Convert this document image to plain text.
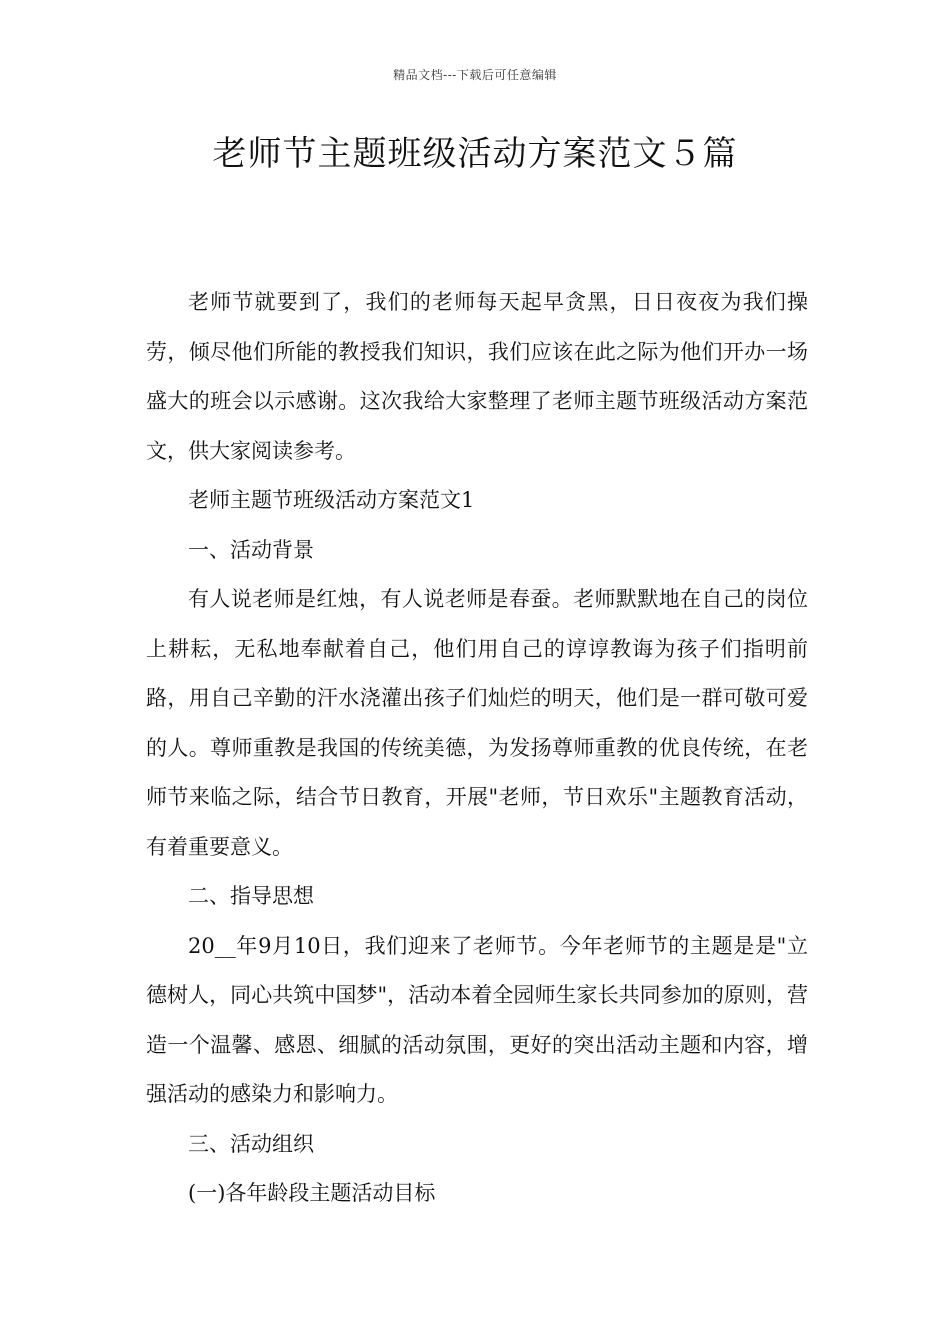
精品文档---下载后可任意编辑
老师节主题班级活动方案范文５篇

老师节就要到了，我们的老师每天起早贪黑，日日夜夜为我们操劳，倾尽他们所能的教授我们知识，我们应该在此之际为他们开办一场盛大的班会以示感谢。这次我给大家整理了老师主题节班级活动方案范文，供大家阅读参考。

老师主题节班级活动方案范文1

一、活动背景

有人说老师是红烛，有人说老师是春蚕。老师默默地在自己的岗位上耕耘，无私地奉献着自己，他们用自己的谆谆教诲为孩子们指明前路，用自己辛勤的汗水浇灌出孩子们灿烂的明天，他们是一群可敬可爱的人。尊师重教是我国的传统美德，为发扬尊师重教的优良传统，在老师节来临之际，结合节日教育，开展"老师，节日欢乐"主题教育活动，有着重要意义。

二、指导思想

20__年9月10日，我们迎来了老师节。今年老师节的主题是是"立德树人，同心共筑中国梦"，活动本着全园师生家长共同参加的原则，营造一个温馨、感恩、细腻的活动氛围，更好的突出活动主题和内容，增强活动的感染力和影响力。

三、活动组织

(一)各年龄段主题活动目标
